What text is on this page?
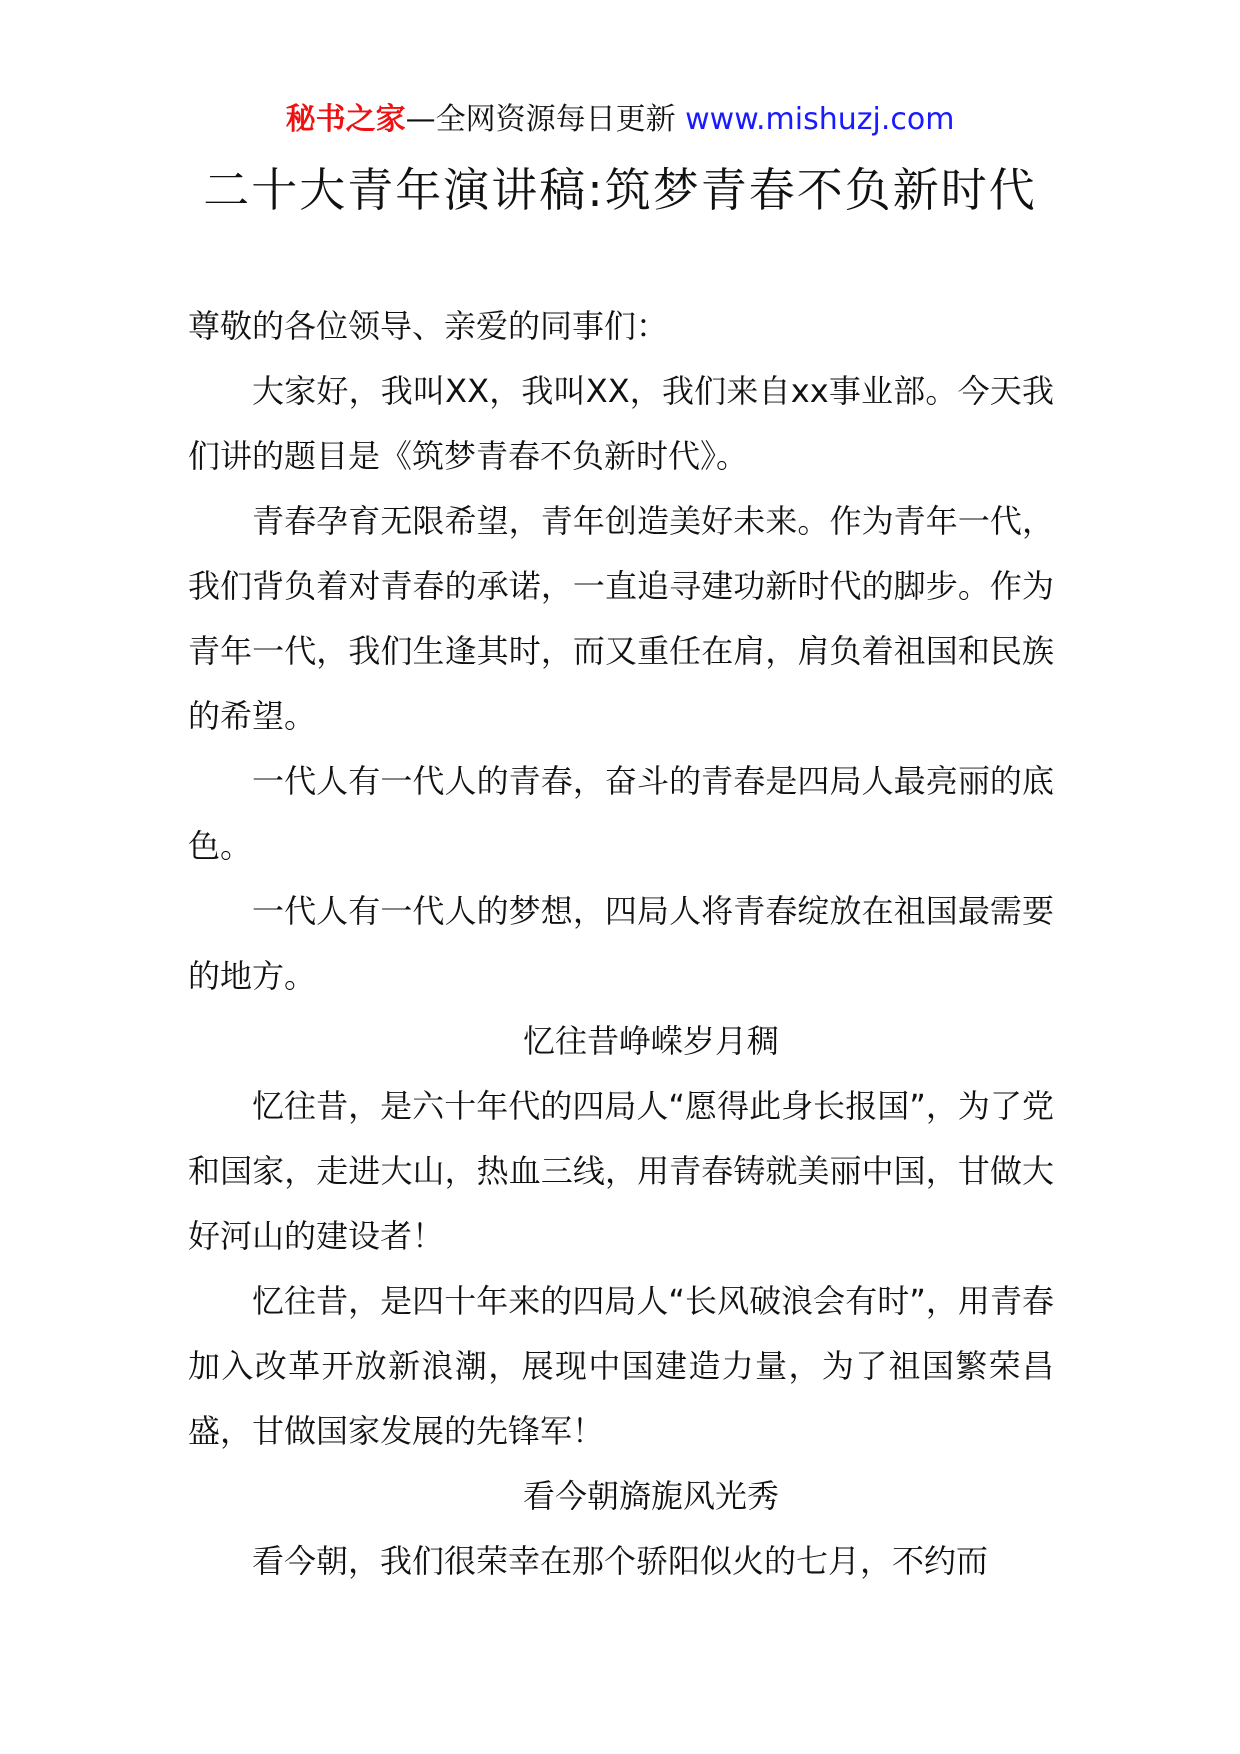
秘书之家—全网资源每日更新 www.mishuzj.com
二十大青年演讲稿:筑梦青春不负新时代

尊敬的各位领导、亲爱的同事们：

大家好，我叫XX，我叫XX，我们来自xx事业部。今天我们讲的题目是《筑梦青春不负新时代》。

青春孕育无限希望，青年创造美好未来。作为青年一代，我们背负着对青春的承诺，一直追寻建功新时代的脚步。作为青年一代，我们生逢其时，而又重任在肩，肩负着祖国和民族的希望。

一代人有一代人的青春，奋斗的青春是四局人最亮丽的底色。

一代人有一代人的梦想，四局人将青春绽放在祖国最需要的地方。

忆往昔峥嵘岁月稠

忆往昔，是六十年代的四局人“愿得此身长报国”，为了党和国家，走进大山，热血三线，用青春铸就美丽中国，甘做大好河山的建设者！

忆往昔，是四十年来的四局人“长风破浪会有时”，用青春加入改革开放新浪潮，展现中国建造力量，为了祖国繁荣昌盛，甘做国家发展的先锋军！

看今朝旖旎风光秀

看今朝，我们很荣幸在那个骄阳似火的七月，不约而
